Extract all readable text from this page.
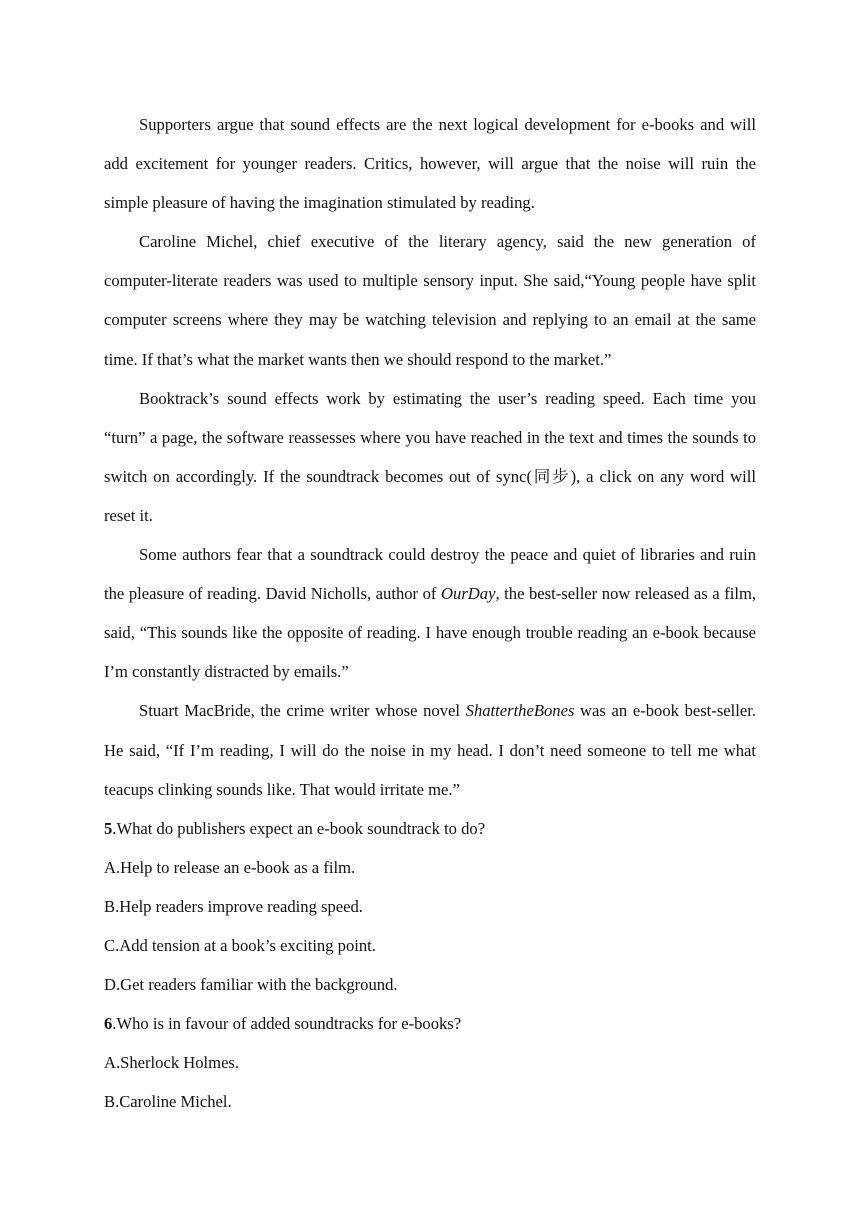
Supporters argue that sound effects are the next logical development for e-books and will add excitement for younger readers. Critics, however, will argue that the noise will ruin the simple pleasure of having the imagination stimulated by reading.

Caroline Michel, chief executive of the literary agency, said the new generation of computer-literate readers was used to multiple sensory input. She said,“Young people have split computer screens where they may be watching television and replying to an email at the same time. If that’s what the market wants then we should respond to the market.”

Booktrack’s sound effects work by estimating the user’s reading speed. Each time you “turn” a page, the software reassesses where you have reached in the text and times the sounds to switch on accordingly. If the soundtrack becomes out of sync(同步), a click on any word will reset it.

Some authors fear that a soundtrack could destroy the peace and quiet of libraries and ruin the pleasure of reading. David Nicholls, author of OurDay, the best-seller now released as a film, said, “This sounds like the opposite of reading. I have enough trouble reading an e-book because I’m constantly distracted by emails.”

Stuart MacBride, the crime writer whose novel ShattertheBones was an e-book best-seller. He said, “If I’m reading, I will do the noise in my head. I don’t need someone to tell me what teacups clinking sounds like. That would irritate me.”

5.What do publishers expect an e-book soundtrack to do?

A.Help to release an e-book as a film.

B.Help readers improve reading speed.

C.Add tension at a book’s exciting point.

D.Get readers familiar with the background.

6.Who is in favour of added soundtracks for e-books?

A.Sherlock Holmes.

B.Caroline Michel.
